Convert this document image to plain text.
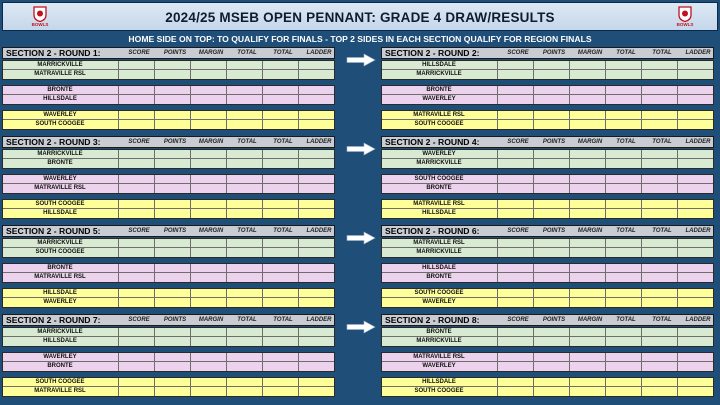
BOWLS	2024/25 MSEB OPEN PENNANT: GRADE 4 DRAW/RESULTS	BOWLS
HOME SIDE ON TOP: TO QUALIFY FOR FINALS - TOP 2 SIDES IN EACH SECTION QUALIFY FOR REGION FINALS
SECTION 2 - ROUND 1:	SCORE	POINTS	MARGIN	TOTAL	TOTAL	LADDER
MARRICKVILLE
MATRAVILLE RSL
BRONTE
HILLSDALE
WAVERLEY
SOUTH COOGEE
SECTION 2 - ROUND 2:	SCORE	POINTS	MARGIN	TOTAL	TOTAL	LADDER
HILLSDALE
MARRICKVILLE
BRONTE
WAVERLEY
MATRAVILLE RSL
SOUTH COOGEE
SECTION 2 - ROUND 3:	SCORE	POINTS	MARGIN	TOTAL	TOTAL	LADDER
MARRICKVILLE
BRONTE
WAVERLEY
MATRAVILLE RSL
SOUTH COOGEE
HILLSDALE
SECTION 2 - ROUND 4:	SCORE	POINTS	MARGIN	TOTAL	TOTAL	LADDER
WAVERLEY
MARRICKVILLE
SOUTH COOGEE
BRONTE
MATRAVILLE RSL
HILLSDALE
SECTION 2 - ROUND 5:	SCORE	POINTS	MARGIN	TOTAL	TOTAL	LADDER
MARRICKVILLE
SOUTH COOGEE
BRONTE
MATRAVILLE RSL
HILLSDALE
WAVERLEY
SECTION 2 - ROUND 6:	SCORE	POINTS	MARGIN	TOTAL	TOTAL	LADDER
MATRAVILLE RSL
MARRICKVILLE
HILLSDALE
BRONTE
SOUTH COOGEE
WAVERLEY
SECTION 2 - ROUND 7:	SCORE	POINTS	MARGIN	TOTAL	TOTAL	LADDER
MARRICKVILLE
HILLSDALE
WAVERLEY
BRONTE
SOUTH COOGEE
MATRAVILLE RSL
SECTION 2 - ROUND 8:	SCORE	POINTS	MARGIN	TOTAL	TOTAL	LADDER
BRONTE
MARRICKVILLE
MATRAVILLE RSL
WAVERLEY
HILLSDALE
SOUTH COOGEE
